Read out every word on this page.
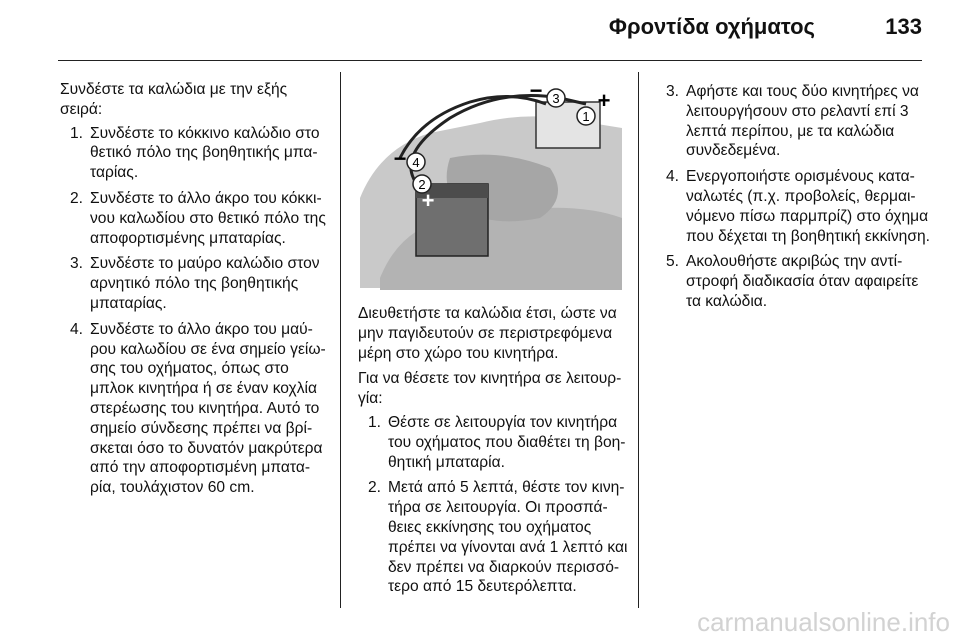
Φροντίδα οχήματος	133

Συνδέστε τα καλώδια με την εξής σειρά:

1. Συνδέστε το κόκκινο καλώδιο στο θετικό πόλο της βοηθητικής μπα-ταρίας.
2. Συνδέστε το άλλο άκρο του κόκκι-νου καλωδίου στο θετικό πόλο της αποφορτισμένης μπαταρίας.
3. Συνδέστε το μαύρο καλώδιο στον αρνητικό πόλο της βοηθητικής μπαταρίας.
4. Συνδέστε το άλλο άκρο του μαύ-ρου καλωδίου σε ένα σημείο γείω-σης του οχήματος, όπως στο μπλοκ κινητήρα ή σε έναν κοχλία στερέωσης του κινητήρα. Αυτό το σημείο σύνδεσης πρέπει να βρί-σκεται όσο το δυνατόν μακρύτερα από την αποφορτισμένη μπατα-ρία, τουλάχιστον 60 cm.
1
2
3
4
+
−
−
+

Διευθετήστε τα καλώδια έτσι, ώστε να μην παγιδευτούν σε περιστρεφόμενα μέρη στο χώρο του κινητήρα.

Για να θέσετε τον κινητήρα σε λειτουρ-γία:

1. Θέστε σε λειτουργία τον κινητήρα του οχήματος που διαθέτει τη βοη-θητική μπαταρία.
2. Μετά από 5 λεπτά, θέστε τον κινη-τήρα σε λειτουργία. Οι προσπά-θειες εκκίνησης του οχήματος πρέπει να γίνονται ανά 1 λεπτό και δεν πρέπει να διαρκούν περισσό-τερο από 15 δευτερόλεπτα.
3. Αφήστε και τους δύο κινητήρες να λειτουργήσουν στο ρελαντί επί 3 λεπτά περίπου, με τα καλώδια συνδεδεμένα.
4. Ενεργοποιήστε ορισμένους κατα-ναλωτές (π.χ. προβολείς, θερμαι-νόμενο πίσω παρμπρίζ) στο όχημα που δέχεται τη βοηθητική εκκίνηση.
5. Ακολουθήστε ακριβώς την αντί-στροφή διαδικασία όταν αφαιρείτε τα καλώδια.
carmanualsonline.info
